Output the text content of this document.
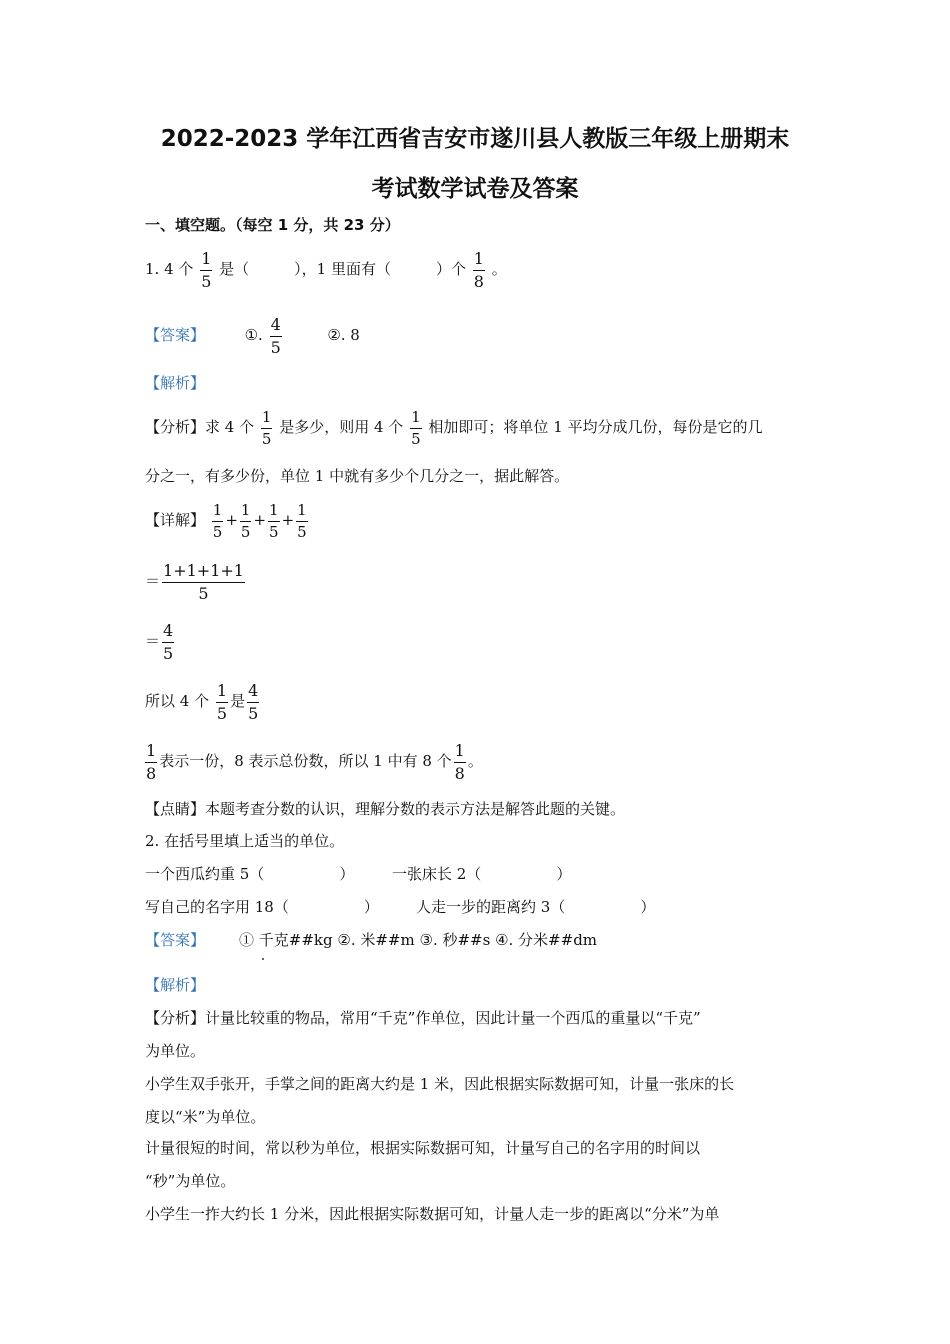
2022-2023 学年江西省吉安市遂川县人教版三年级上册期末
考试数学试卷及答案
一、填空题。（每空 1 分，共 23 分）
1. 4 个 $\frac{1}{5}$ 是（　　　），1 里面有（　　　）个 $\frac{1}{8}$ 。
【答案】	①. $\frac{4}{5}$	②. 8
【解析】
【分析】求 4 个 $\frac{1}{5}$ 是多少，则用 4 个 $\frac{1}{5}$ 相加即可；将单位 1 平均分成几份，每份是它的几
分之一，有多少份，单位 1 中就有多少个几分之一，据此解答。
【详解】 $\frac{1}{5} + \frac{1}{5} + \frac{1}{5} + \frac{1}{5}$
＝ $\frac{1+1+1+1}{5}$
＝ $\frac{4}{5}$
所以 4 个 $\frac{1}{5}$ 是 $\frac{4}{5}$
$\frac{1}{8}$ 表示一份，8 表示总份数，所以 1 中有 8 个 $\frac{1}{8}$ 。
【点睛】本题考查分数的认识，理解分数的表示方法是解答此题的关键。
2. 在括号里填上适当的单位。
一个西瓜约重 5（　　　　　）	一张床长 2（　　　　　）
写自己的名字用 18（　　　　　） 人走一步的距离约 3（　　　　　）
【答案】 ① 千克##kg ②. 米##m ③. 秒##s ④. 分米##dm
【解析】
【分析】计量比较重的物品，常用“千克”作单位，因此计量一个西瓜的重量以“千克”
为单位。
小学生双手张开，手掌之间的距离大约是 1 米，因此根据实际数据可知，计量一张床的长
度以“米”为单位。
计量很短的时间，常以秒为单位，根据实际数据可知，计量写自己的名字用的时间以
“秒”为单位。
小学生一拃大约长 1 分米，因此根据实际数据可知，计量人走一步的距离以“分米”为单
